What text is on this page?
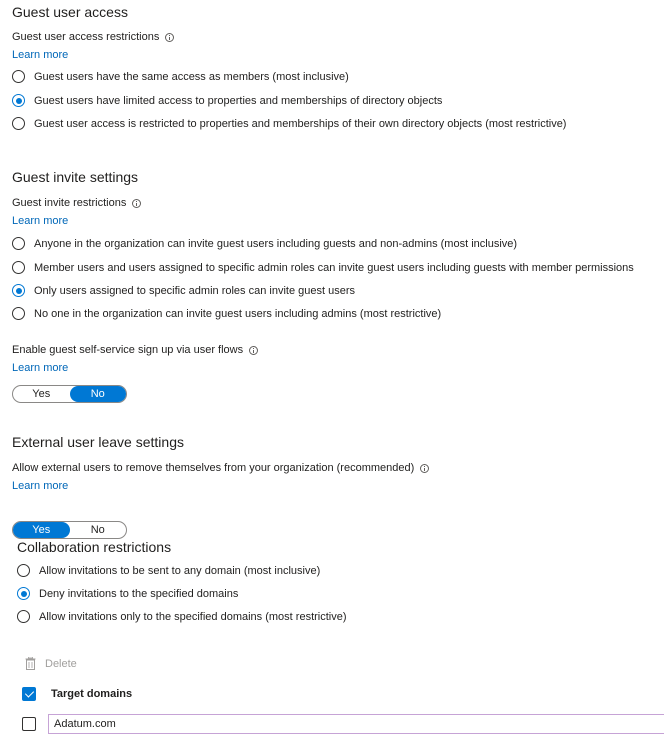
Guest user access
Guest user access restrictions
Learn more
Guest users have the same access as members (most inclusive)
Guest users have limited access to properties and memberships of directory objects
Guest user access is restricted to properties and memberships of their own directory objects (most restrictive)
Guest invite settings
Guest invite restrictions
Learn more
Anyone in the organization can invite guest users including guests and non-admins (most inclusive)
Member users and users assigned to specific admin roles can invite guest users including guests with member permissions
Only users assigned to specific admin roles can invite guest users
No one in the organization can invite guest users including admins (most restrictive)
Enable guest self-service sign up via user flows
Learn more
Yes	No
External user leave settings
Allow external users to remove themselves from your organization (recommended)
Learn more
Yes	No
Collaboration restrictions
Allow invitations to be sent to any domain (most inclusive)
Deny invitations to the specified domains
Allow invitations only to the specified domains (most restrictive)
Delete
Target domains
Adatum.com
